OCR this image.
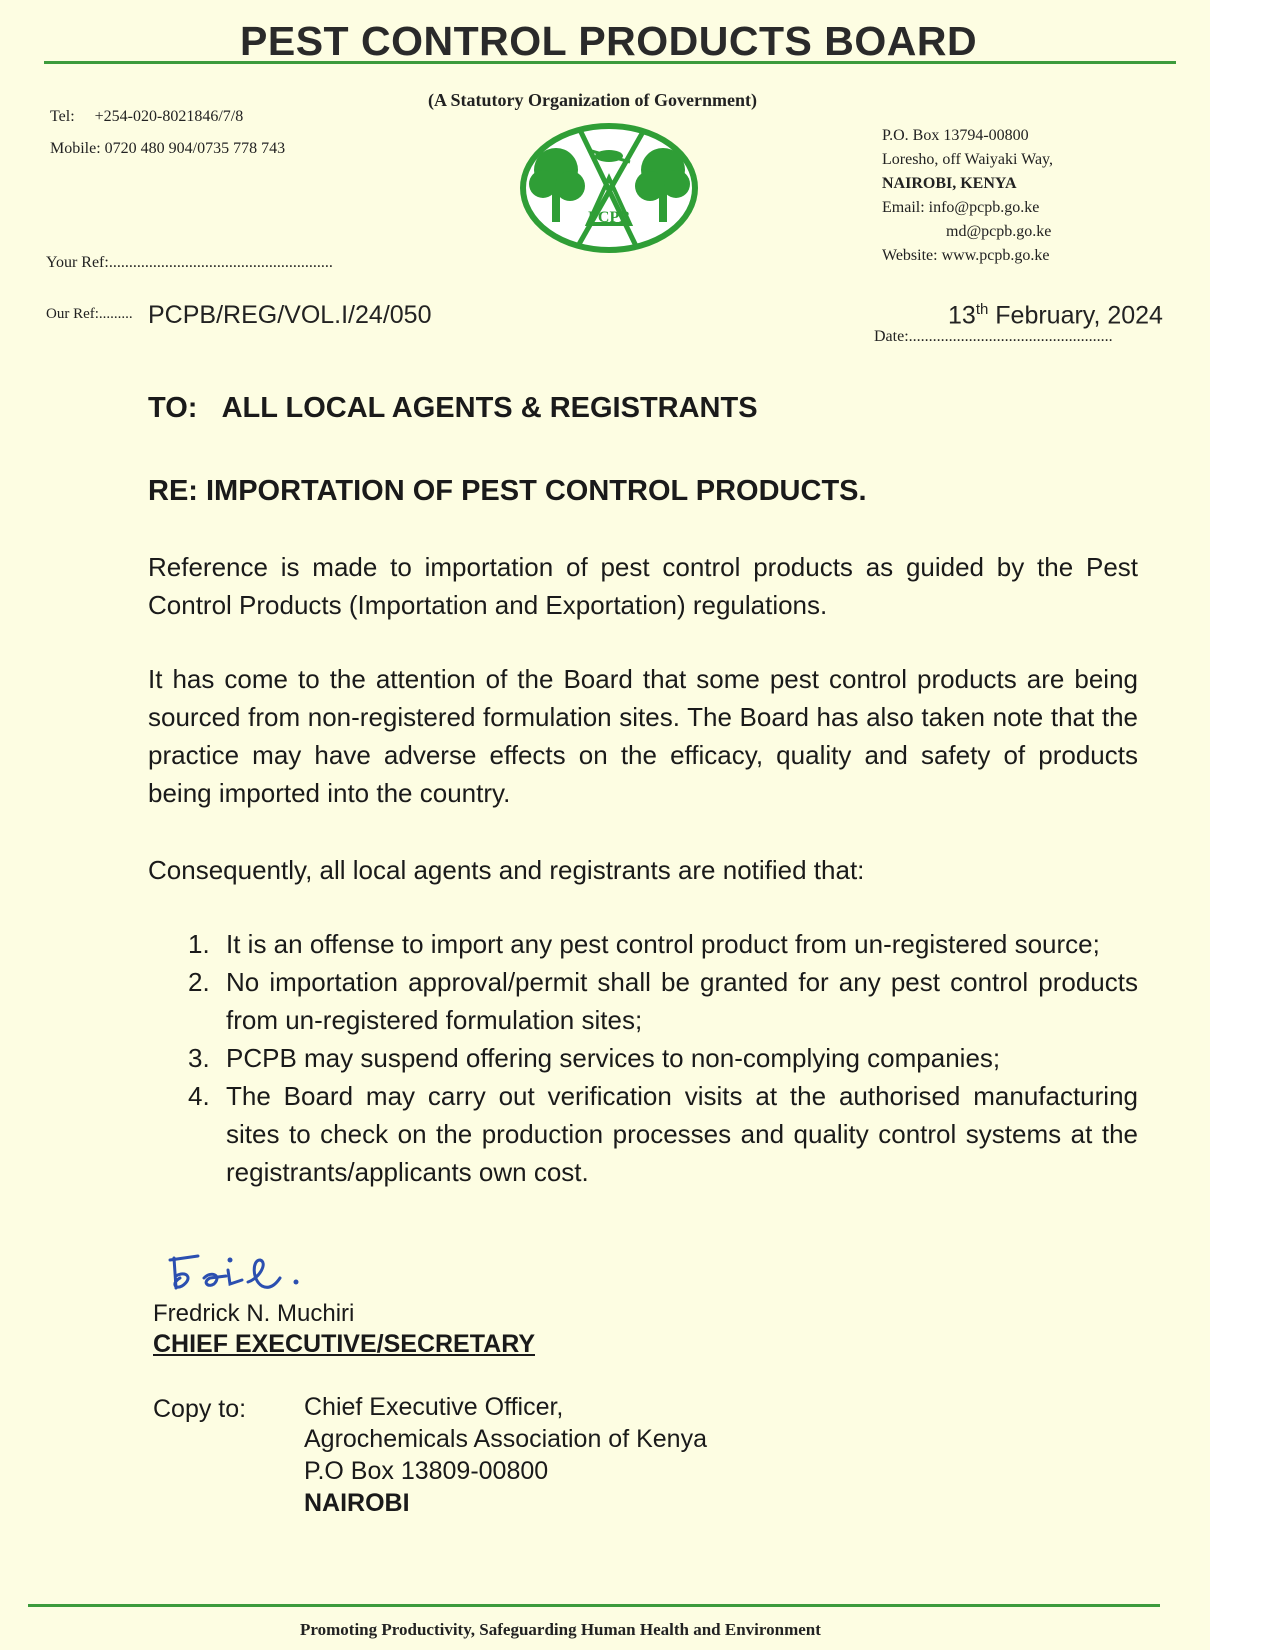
PEST CONTROL PRODUCTS BOARD
(A Statutory Organization of Government)
Tel:     +254-020-8021846/7/8
Mobile: 0720 480 904/0735 778 743
PCPB
P.O. Box 13794-00800
Loresho, off Waiyaki Way,
NAIROBI, KENYA
Email: info@pcpb.go.ke
md@pcpb.go.ke
Website: www.pcpb.go.ke
Your Ref:........................................................
Our Ref:......... PCPB/REG/VOL.I/24/050	13th February, 2024
Date:...................................................
TO: ALL LOCAL AGENTS & REGISTRANTS
RE: IMPORTATION OF PEST CONTROL PRODUCTS.
Reference is made to importation of pest control products as guided by the Pest Control Products (Importation and Exportation) regulations.
It has come to the attention of the Board that some pest control products are being sourced from non-registered formulation sites. The Board has also taken note that the practice may have adverse effects on the efficacy, quality and safety of products being imported into the country.
Consequently, all local agents and registrants are notified that:
1. It is an offense to import any pest control product from un-registered source;
2. No importation approval/permit shall be granted for any pest control products from un-registered formulation sites;
3. PCPB may suspend offering services to non-complying companies;
4. The Board may carry out verification visits at the authorised manufacturing sites to check on the production processes and quality control systems at the registrants/applicants own cost.
Fredrick N. Muchiri
CHIEF EXECUTIVE/SECRETARY
Copy to: Chief Executive Officer,
Agrochemicals Association of Kenya
P.O Box 13809-00800
NAIROBI
Promoting Productivity, Safeguarding Human Health and Environment
